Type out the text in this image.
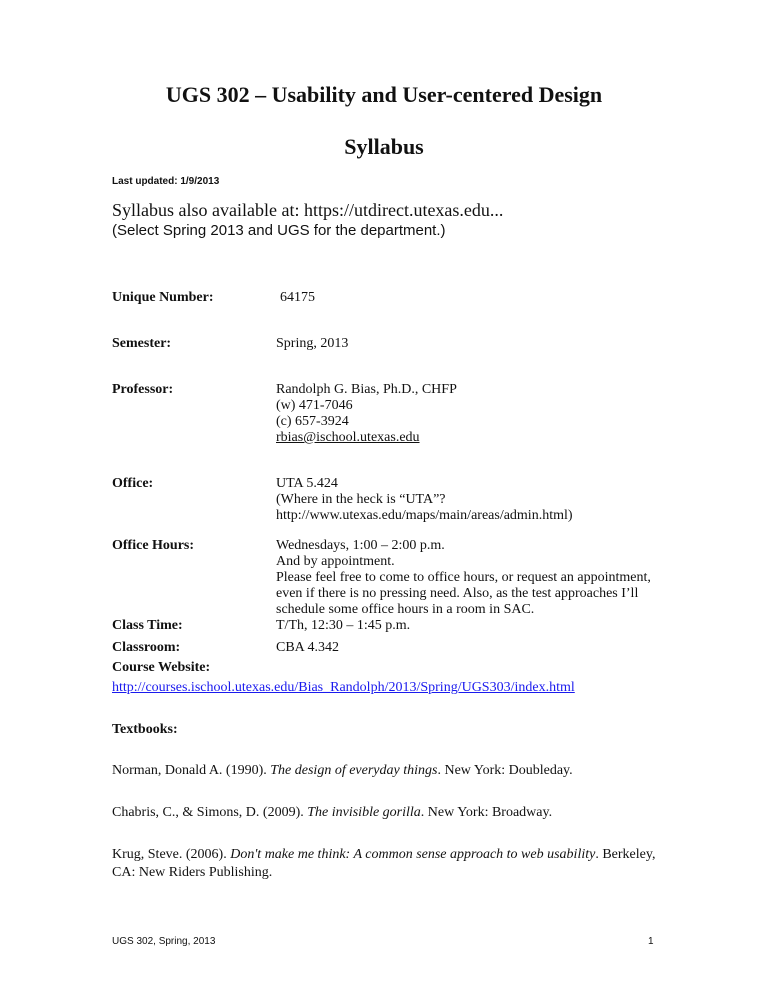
UGS 302 – Usability and User-centered Design
Syllabus
Last updated: 1/9/2013
Syllabus also available at: https://utdirect.utexas.edu...
(Select Spring 2013 and UGS for the department.)
Unique Number:	64175
Semester:	Spring, 2013
Professor:	Randolph G. Bias, Ph.D., CHFP
(w) 471-7046
(c) 657-3924
rbias@ischool.utexas.edu
Office:	UTA 5.424
(Where in the heck is “UTA”?
http://www.utexas.edu/maps/main/areas/admin.html)
Office Hours:	Wednesdays, 1:00 – 2:00 p.m.
And by appointment.
Please feel free to come to office hours, or request an appointment, even if there is no pressing need. Also, as the test approaches I’ll schedule some office hours in a room in SAC.
Class Time:	T/Th, 12:30 – 1:45 p.m.
Classroom:	CBA 4.342
Course Website:
http://courses.ischool.utexas.edu/Bias_Randolph/2013/Spring/UGS303/index.html
Textbooks:
Norman, Donald A. (1990). The design of everyday things. New York: Doubleday.
Chabris, C., & Simons, D. (2009). The invisible gorilla. New York: Broadway.
Krug, Steve. (2006). Don't make me think: A common sense approach to web usability. Berkeley, CA: New Riders Publishing.
UGS 302, Spring, 2013	1
